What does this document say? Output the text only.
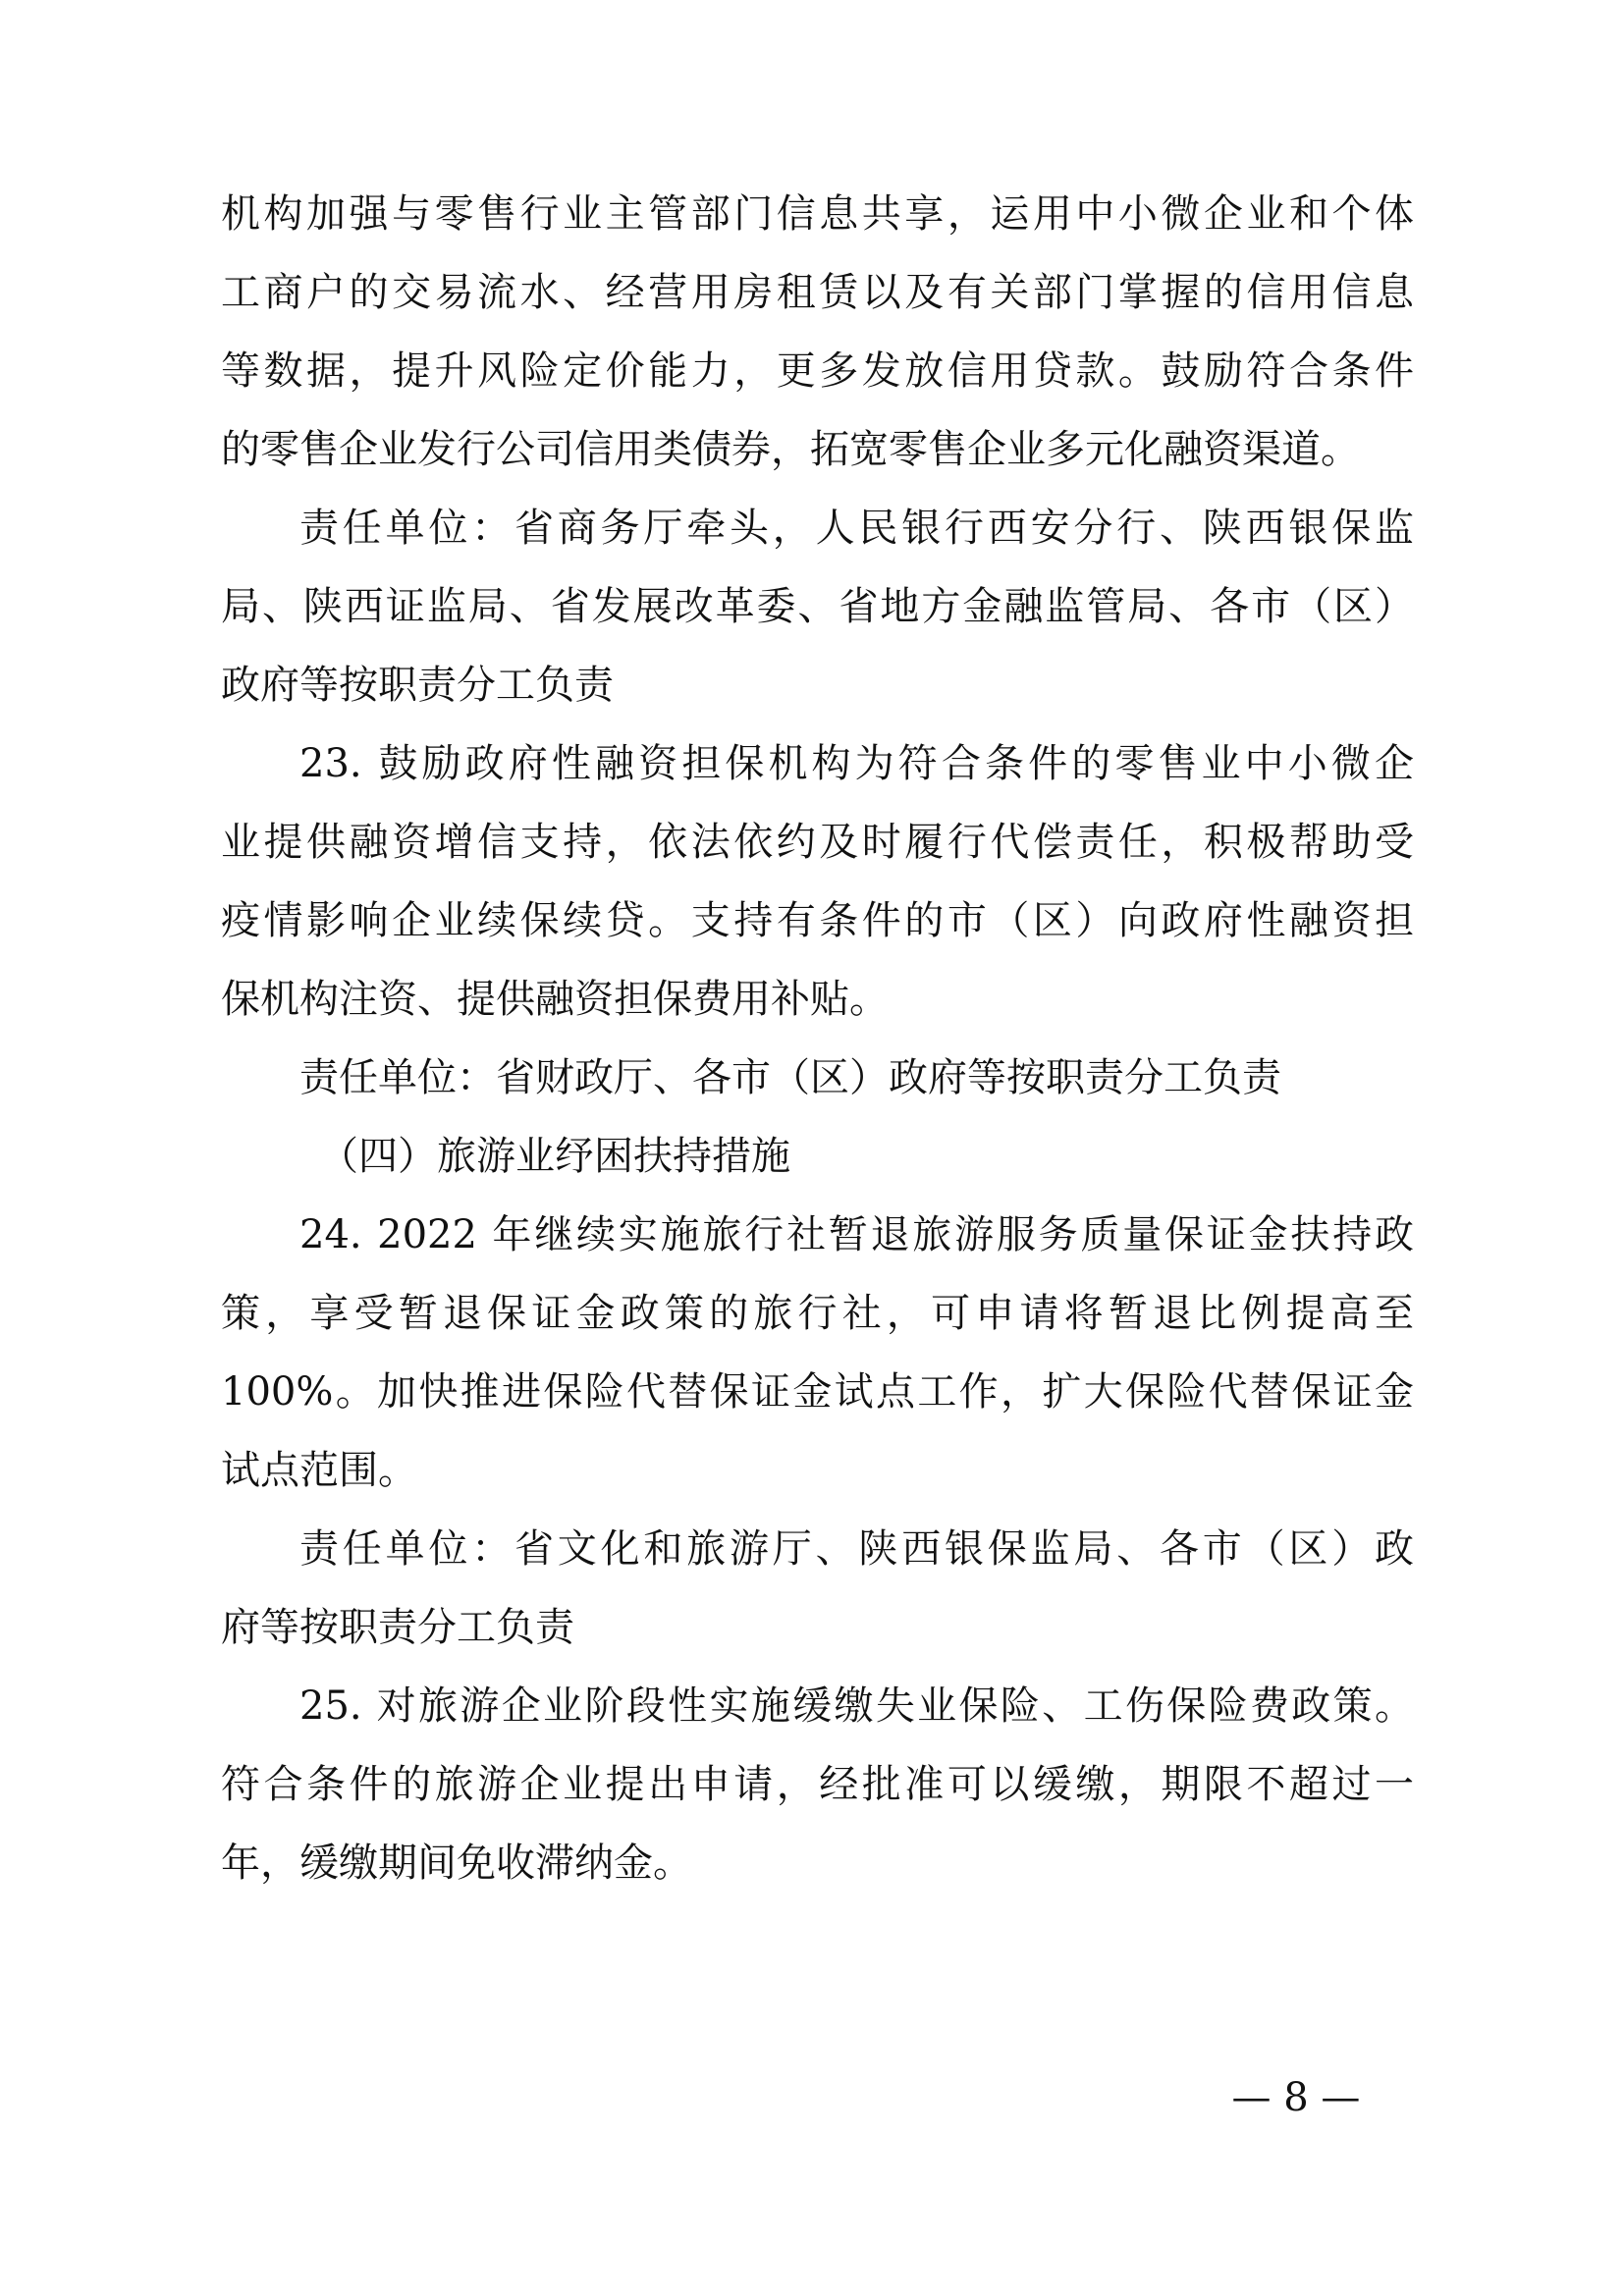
机构加强与零售行业主管部门信息共享，运用中小微企业和个体
工商户的交易流水、经营用房租赁以及有关部门掌握的信用信息
等数据，提升风险定价能力，更多发放信用贷款。鼓励符合条件
的零售企业发行公司信用类债券，拓宽零售企业多元化融资渠道。
责任单位：省商务厅牵头，人民银行西安分行、陕西银保监
局、陕西证监局、省发展改革委、省地方金融监管局、各市（区）
政府等按职责分工负责
23. 鼓励政府性融资担保机构为符合条件的零售业中小微企
业提供融资增信支持，依法依约及时履行代偿责任，积极帮助受
疫情影响企业续保续贷。支持有条件的市（区）向政府性融资担
保机构注资、提供融资担保费用补贴。
责任单位：省财政厅、各市（区）政府等按职责分工负责
（四）旅游业纾困扶持措施
24. 2022 年继续实施旅行社暂退旅游服务质量保证金扶持政
策，享受暂退保证金政策的旅行社，可申请将暂退比例提高至
100%。加快推进保险代替保证金试点工作，扩大保险代替保证金
试点范围。
责任单位：省文化和旅游厅、陕西银保监局、各市（区）政
府等按职责分工负责
25. 对旅游企业阶段性实施缓缴失业保险、工伤保险费政策。
符合条件的旅游企业提出申请，经批准可以缓缴，期限不超过一
年，缓缴期间免收滞纳金。
— 8 —
